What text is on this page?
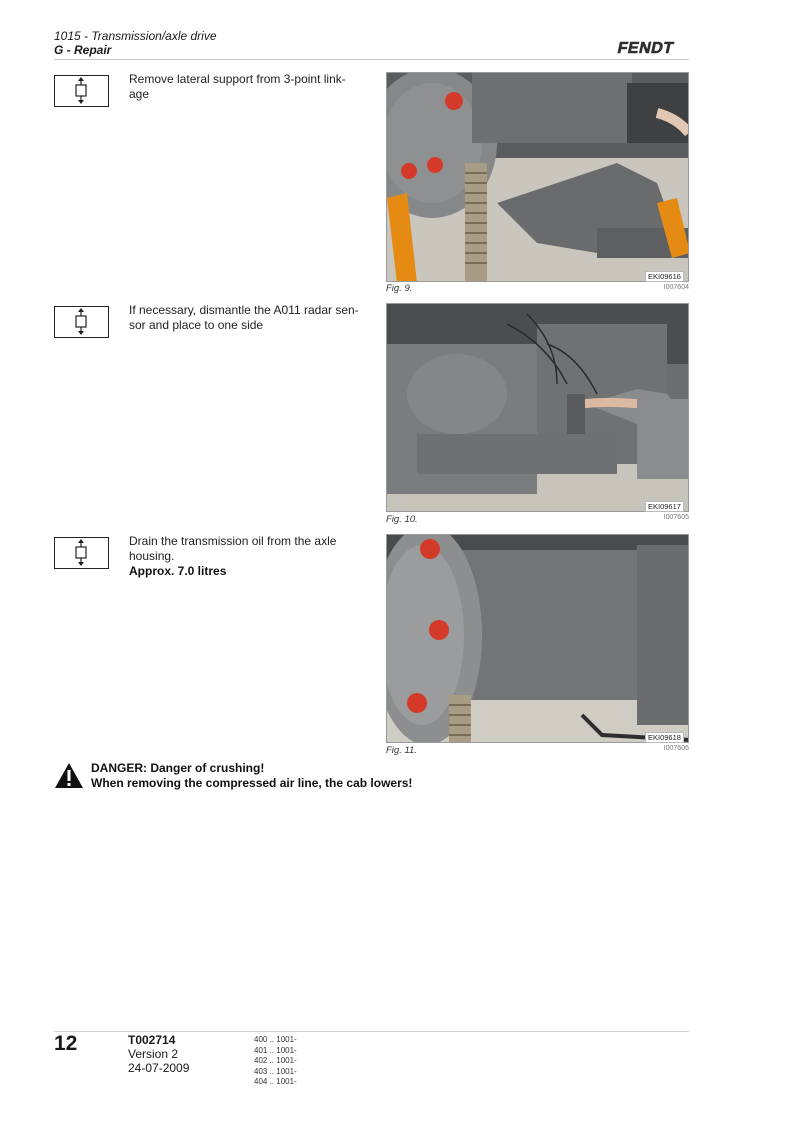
1015 - Transmission/axle drive
G - Repair	FENDT
Remove lateral support from 3-point link-
age
Fig. 9.
EKI09616
I007604
If necessary, dismantle the A011 radar sen-
sor and place to one side
Fig. 10.
EKI09617
I007605
Drain the transmission oil from the axle
housing.
Approx. 7.0 litres
Fig. 11.
EKI09618
I007606
DANGER: Danger of crushing!
When removing the compressed air line, the cab lowers!
12	T002714
Version 2
24-07-2009
400 .. 1001-
401 .. 1001-
402 .. 1001-
403 .. 1001-
404 .. 1001-
